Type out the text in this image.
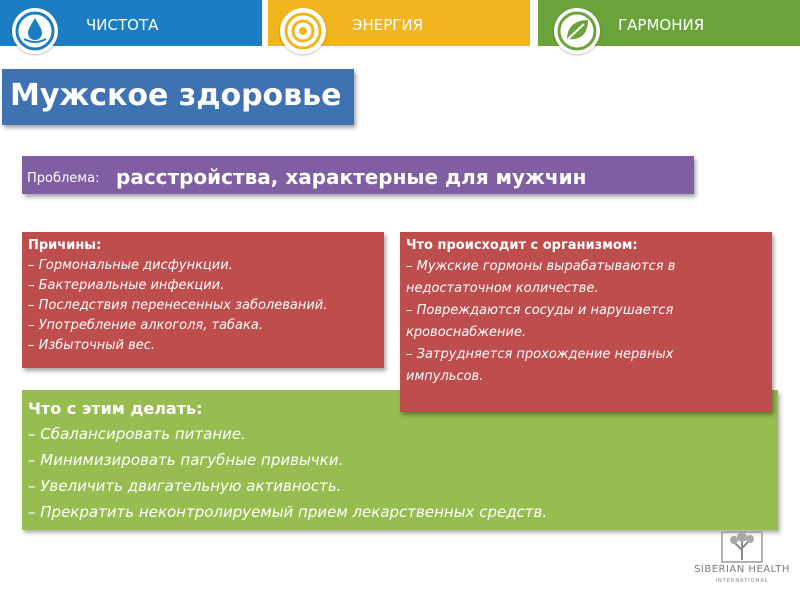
ЧИСТОТА	ЭНЕРГИЯ	ГАРМОНИЯ
Мужское здоровье
Проблема: расстройства, характерные для мужчин
Причины:
– Гормональные дисфункции.
– Бактериальные инфекции.
– Последствия перенесенных заболеваний.
– Употребление алкоголя, табака.
– Избыточный вес.
Что с этим делать:
– Сбалансировать питание.
– Минимизировать пагубные привычки.
– Увеличить двигательную активность.
– Прекратить неконтролируемый прием лекарственных средств.
Что происходит с организмом:
– Мужские гормоны вырабатываются в
недостаточном количестве.
– Повреждаются сосуды и нарушается
кровоснабжение.
– Затрудняется прохождение нервных
импульсов.
SIBERIAN HEALTH
INTERNATIONAL
